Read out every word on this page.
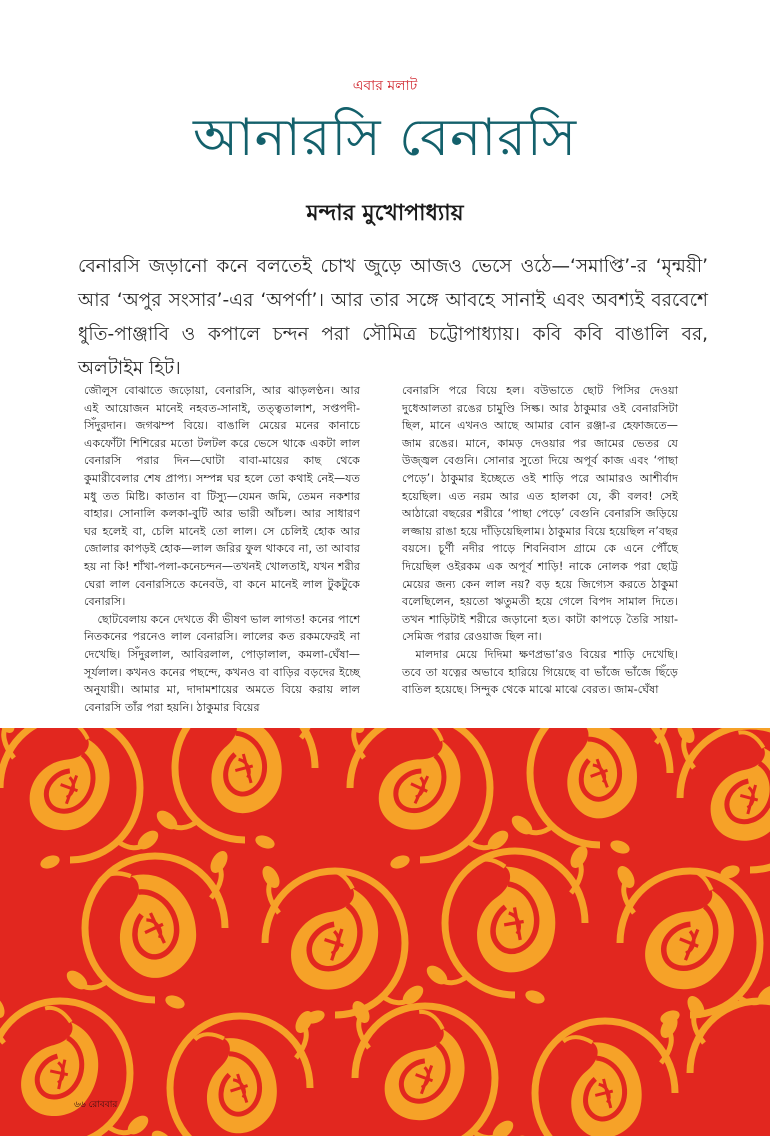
এবার মলাট
আনারসি বেনারসি
মন্দার মুখোপাধ্যায়

বেনারসি জড়ানো কনে বলতেই চোখ জুড়ে আজও ভেসে ওঠে—‘সমাপ্তি’-র ‘মৃন্ময়ী’ আর ‘অপুর সংসার’-এর ‘অপর্ণা’। আর তার সঙ্গে আবহে সানাই এবং অবশ্যই বরবেশে ধুতি-পাঞ্জাবি ও কপালে চন্দন পরা সৌমিত্র চট্টোপাধ্যায়। কবি কবি বাঙালি বর, অলটাইম হিট।

জৌলুস বোঝাতে জড়োয়া, বেনারসি, আর ঝাড়লণ্ঠন। আর এই আয়োজন মানেই নহবত-সানাই, তত্ত্বতালাশ, সপ্তপদী-সিঁদুরদান। জগঝম্প বিয়ে। বাঙালি মেয়ের মনের কানাচে একফোঁটা শিশিরের মতো টলটল করে ভেসে থাকে একটা লাল বেনারসি পরার দিন—ঘোটা বাবা-মায়ের কাছ থেকে কুমারীবেলার শেষ প্রাপ্য। সম্পন্ন ঘর হলে তো কথাই নেই—যত মধু তত মিষ্টি। কাতান বা টিস্যু—যেমন জমি, তেমন নকশার বাহার। সোনালি কলকা-বুটি আর ভারী আঁচল। আর সাধারণ ঘর হলেই বা, চেলি মানেই তো লাল। সে চেলিই হোক আর জোলার কাপড়ই হোক—লাল জরির ফুল থাকবে না, তা আবার হয় না কি! শাঁখা-পলা-কনেচন্দন—তখনই খোলতাই, যখন শরীর ঘেরা লাল বেনারসিতে কনেবউ, বা কনে মানেই লাল টুকটুকে বেনারসি।

ছোটবেলায় কনে দেখতে কী ভীষণ ভাল লাগত! কনের পাশে নিতকনের পরনেও লাল বেনারসি। লালের কত রকমফেরই না দেখেছি। সিঁদুরলাল, আবিরলাল, পোড়ালাল, কমলা-ঘেঁষা—সূর্যলাল। কখনও কনের পছন্দে, কখনও বা বাড়ির বড়দের ইচ্ছে অনুযায়ী। আমার মা, দাদামশায়ের অমতে বিয়ে করায় লাল বেনারসি তাঁর পরা হয়নি। ঠাকুমার বিয়ের

বেনারসি পরে বিয়ে হল। বউভাতে ছোট পিসির দেওয়া দুধেআলতা রঙের চামুণ্ডি সিল্ক। আর ঠাকুমার ওই বেনারসিটা ছিল, মানে এখনও আছে আমার বোন রঞ্জা-র হেফাজতে—জাম রঙের। মানে, কামড় দেওয়ার পর জামের ভেতর যে উজ্জ্বল বেগুনি। সোনার সুতো দিয়ে অপূর্ব কাজ এবং ‘পাছা পেড়ে’। ঠাকুমার ইচ্ছেতে ওই শাড়ি পরে আমারও আশীর্বাদ হয়েছিল। এত নরম আর এত হালকা যে, কী বলব! সেই আঠারো বছরের শরীরে ‘পাছা পেড়ে’ বেগুনি বেনারসি জড়িয়ে লজ্জায় রাঙা হয়ে দাঁড়িয়েছিলাম। ঠাকুমার বিয়ে হয়েছিল ন’বছর বয়সে। চূর্ণী নদীর পাড়ে শিবনিবাস গ্রামে কে এনে পৌঁছে দিয়েছিল ওইরকম এক অপূর্ব শাড়ি! নাকে নোলক পরা ছোট্ট মেয়ের জন্য কেন লাল নয়? বড় হয়ে জিগ্যেস করতে ঠাকুমা বলেছিলেন, হয়তো ঋতুমতী হয়ে গেলে বিপদ সামাল দিতে। তখন শাড়িটাই শরীরে জড়ানো হত। কাটা কাপড়ে তৈরি সায়া-সেমিজ পরার রেওয়াজ ছিল না।

মালদার মেয়ে দিদিমা ক্ষণপ্রভা’রও বিয়ের শাড়ি দেখেছি। তবে তা যত্নের অভাবে হারিয়ে গিয়েছে বা ভাঁজে ভাঁজে ছিঁড়ে বাতিল হয়েছে। সিন্দুক থেকে মাঝে মাঝে বেরত। জাম-ঘেঁষা

৬৬ রোববার
